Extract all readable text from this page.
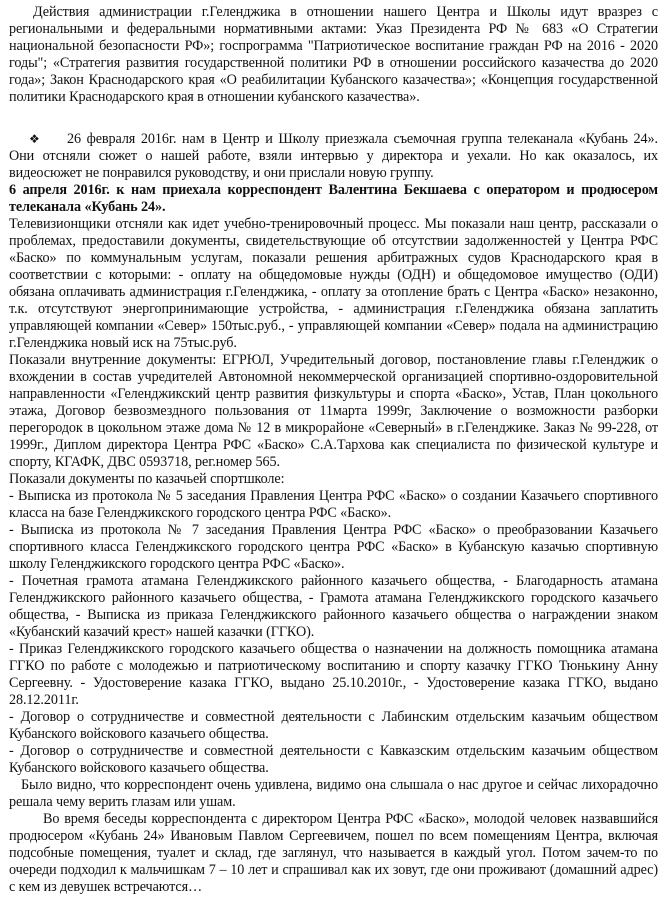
Действия администрации г.Геленджика в отношении нашего Центра и Школы идут вразрез с региональными и федеральными нормативными актами: Указ Президента РФ № 683 «О Стратегии национальной безопасности РФ»; госпрограмма "Патриотическое воспитание граждан РФ на 2016 - 2020 годы"; «Стратегия развития государственной политики РФ в отношении российского казачества до 2020 года»; Закон Краснодарского края «О реабилитации Кубанского казачества»; «Концепция государственной политики Краснодарского края в отношении кубанского казачества».

❖ 26 февраля 2016г. нам в Центр и Школу приезжала съемочная группа телеканала «Кубань 24». Они отсняли сюжет о нашей работе, взяли интервью у директора и уехали. Но как оказалось, их видеосюжет не понравился руководству, и они прислали новую группу.

6 апреля 2016г. к нам приехала корреспондент Валентина Бекшаева с оператором и продюсером телеканала «Кубань 24».

Телевизионщики отсняли как идет учебно-тренировочный процесс. Мы показали наш центр, рассказали о проблемах, предоставили документы, свидетельствующие об отсутствии задолженностей у Центра РФС «Баско» по коммунальным услугам, показали решения арбитражных судов Краснодарского края в соответствии с которыми: - оплату на общедомовые нужды (ОДН) и общедомовое имущество (ОДИ) обязана оплачивать администрация г.Геленджика, - оплату за отопление брать с Центра «Баско» незаконно, т.к. отсутствуют энергопринимающие устройства, - администрация г.Геленджика обязана заплатить управляющей компании «Север» 150тыс.руб., - управляющей компании «Север» подала на администрацию г.Геленджика новый иск на 75тыс.руб.

Показали внутренние документы: ЕГРЮЛ, Учредительный договор, постановление главы г.Геленджик о вхождении в состав учредителей Автономной некоммерческой организацией спортивно-оздоровительной направленности «Геленджикский центр развития физкультуры и спорта «Баско», Устав, План цокольного этажа, Договор безвозмездного пользования от 11марта 1999г, Заключение о возможности разборки перегородок в цокольном этаже дома № 12 в микрорайоне «Северный» в г.Геленджике. Заказ № 99-228, от 1999г., Диплом директора Центра РФС «Баско» С.А.Тархова как специалиста по физической культуре и спорту, КГАФК, ДВС 0593718, рег.номер 565.

Показали документы по казачьей спортшколе:

- Выписка из протокола № 5 заседания Правления Центра РФС «Баско» о создании Казачьего спортивного класса на базе Геленджикского городского центра РФС «Баско».

- Выписка из протокола № 7 заседания Правления Центра РФС «Баско» о преобразовании Казачьего спортивного класса Геленджикского городского центра РФС «Баско» в Кубанскую казачью спортивную школу Геленджикского городского центра РФС «Баско».

- Почетная грамота атамана Геленджикского районного казачьего общества, - Благодарность атамана Геленджикского районного казачьего общества, - Грамота атамана Геленджикского городского казачьего общества, - Выписка из приказа Геленджикского районного казачьего общества о награждении знаком «Кубанский казачий крест» нашей казачки (ГГКО).

- Приказ Геленджикского городского казачьего общества о назначении на должность помощника атамана ГГКО по работе с молодежью и патриотическому воспитанию и спорту казачку ГГКО Тюнькину Анну Сергеевну. - Удостоверение казака ГГКО, выдано 25.10.2010г., - Удостоверение казака ГГКО, выдано 28.12.2011г.

- Договор о сотрудничестве и совместной деятельности с Лабинским отдельским казачьим обществом Кубанского войскового казачьего общества.

- Договор о сотрудничестве и совместной деятельности с Кавказским отдельским казачьим обществом Кубанского войскового казачьего общества.

Было видно, что корреспондент очень удивлена, видимо она слышала о нас другое и сейчас лихорадочно решала чему верить глазам или ушам.

Во время беседы корреспондента с директором Центра РФС «Баско», молодой человек назвавшийся продюсером «Кубань 24» Ивановым Павлом Сергеевичем, пошел по всем помещениям Центра, включая подсобные помещения, туалет и склад, где заглянул, что называется в каждый угол. Потом зачем-то по очереди подходил к мальчишкам 7 – 10 лет и спрашивал как их зовут, где они проживают (домашний адрес) с кем из девушек встречаются…
